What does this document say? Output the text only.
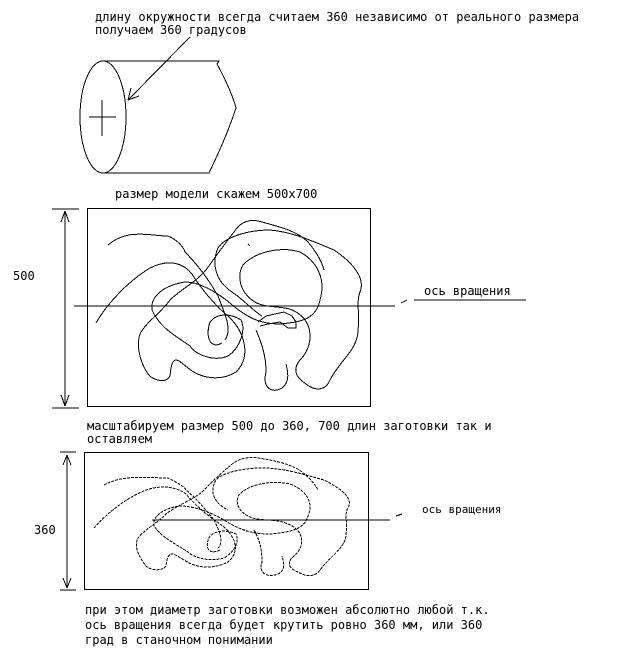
длину окружности всегда считаем 360 независимо от реального размера
получаем 360 градусов
размер модели скажем 500х700
500
ось вращения
масштабируем размер 500 до 360, 700 длин заготовки так и
оставляем
360
ось вращения
при этом диаметр заготовки возможен абсолютно любой т.к.
ось вращения всегда будет крутить ровно 360 мм, или 360
град в станочном понимании
